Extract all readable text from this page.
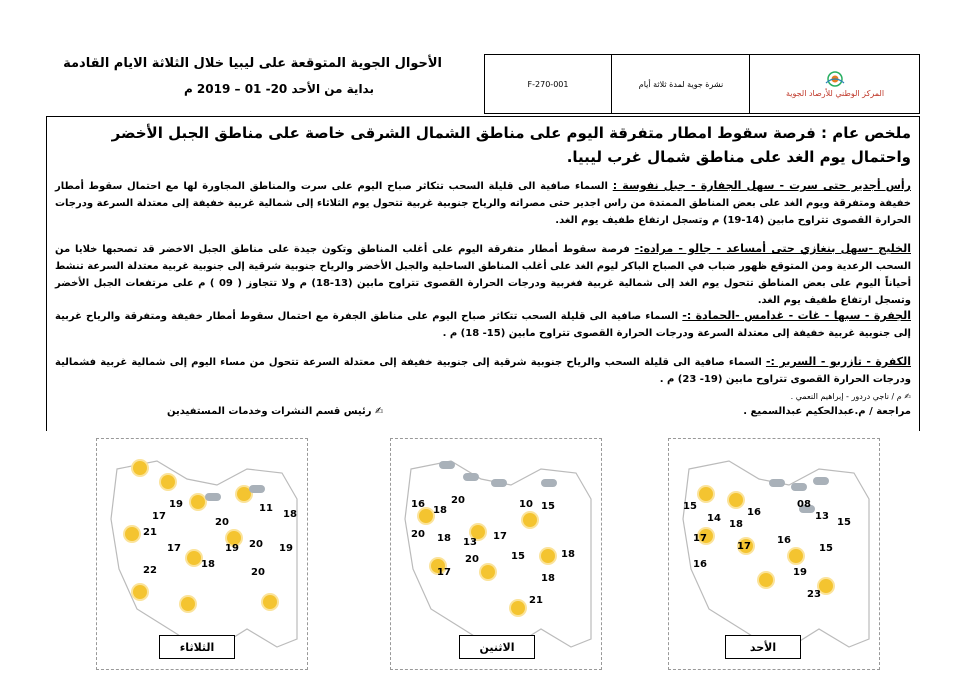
الأحوال الجوية المتوقعة على ليبيا خلال الثلاثة الايام القادمة
بداية من الأحد 20- 01 – 2019 م	F-270-001	نشرة جوية لمدة ثلاثة أيام
المركز الوطني للأرصاد الجوية
ملخص عام : فرصة سقوط امطار متفرقة اليوم على مناطق الشمال الشرقى خاصة على مناطق الجبل الأخضر واحتمال يوم الغد على مناطق شمال غرب ليبيا.
رأس أجدير حتى سرت - سهل الجفارة - جبل نفوسة : السماء صافية الى قليلة السحب تتكاثر صباح اليوم على سرت والمناطق المجاورة لها مع احتمال سقوط أمطار خفيفة ومتفرقة ويوم الغد على بعض المناطق الممتدة من راس اجدير حتى مصراته والرياح جنوبية غربية تتحول يوم الثلاثاء إلى شمالية غربية خفيفة إلى معتدلة السرعة ودرجات الحرارة القصوى تتراوح مابين (14-19) م وتسجل ارتفاع طفيف يوم الغد.
الخليج -سهل بنغازي حتى أمساعد - جالو - مراده:- فرصة سقوط أمطار متفرقة اليوم على أغلب المناطق وتكون جيدة على مناطق الجبل الاخضر قد تصحبها خلايا من السحب الرعدية ومن المتوقع ظهور ضباب في الصباح الباكر ليوم الغد على أغلب المناطق الساحلية والجبل الأخضر والرياح جنوبية شرقية إلى جنوبية غربية معتدلة السرعة تنشط أحياناً اليوم على بعض المناطق تتحول يوم الغد إلى شمالية غربية فغربية ودرجات الحرارة القصوى تتراوح مابين (13-18) م ولا تتجاوز ( 09 ) م على مرتفعات الجبل الأخضر وتسجل ارتفاع طفيف يوم الغد.
الجفرة - سبها - غات - غدامس -الحمادة :- السماء صافية الى قليلة السحب تتكاثر صباح اليوم على مناطق الجفرة مع احتمال سقوط أمطار خفيفة ومتفرقة والرياح غربية إلى جنوبية غربية خفيفة إلى معتدلة السرعة ودرجات الحرارة القصوى تتراوح مابين (15- 18) م .
الكفرة - تازربو - السرير :- السماء صافية الى قليلة السحب والرياح جنوبية شرقية إلى جنوبية خفيفة إلى معتدلة السرعة تتحول من مساء اليوم إلى شمالية غربية فشمالية ودرجات الحرارة القصوى تتراوح مابين (19- 23) م .
✍ م / ناجي دردور - إبراهيم النعمي .
مراجعة / م.عبدالحكيم عبدالسميع .
✍ رئيس قسم النشرات وخدمات المستفيدين
19
17
20
11
18
21
17	19 20
18
19
22	20
الثلاثاء
16
18
20	10 15
20 18 13
17
18
15
20
17
18
21
الاثنين
15
14
16
08
13
15
18
17	16
17	15
16
19
23
الأحد
